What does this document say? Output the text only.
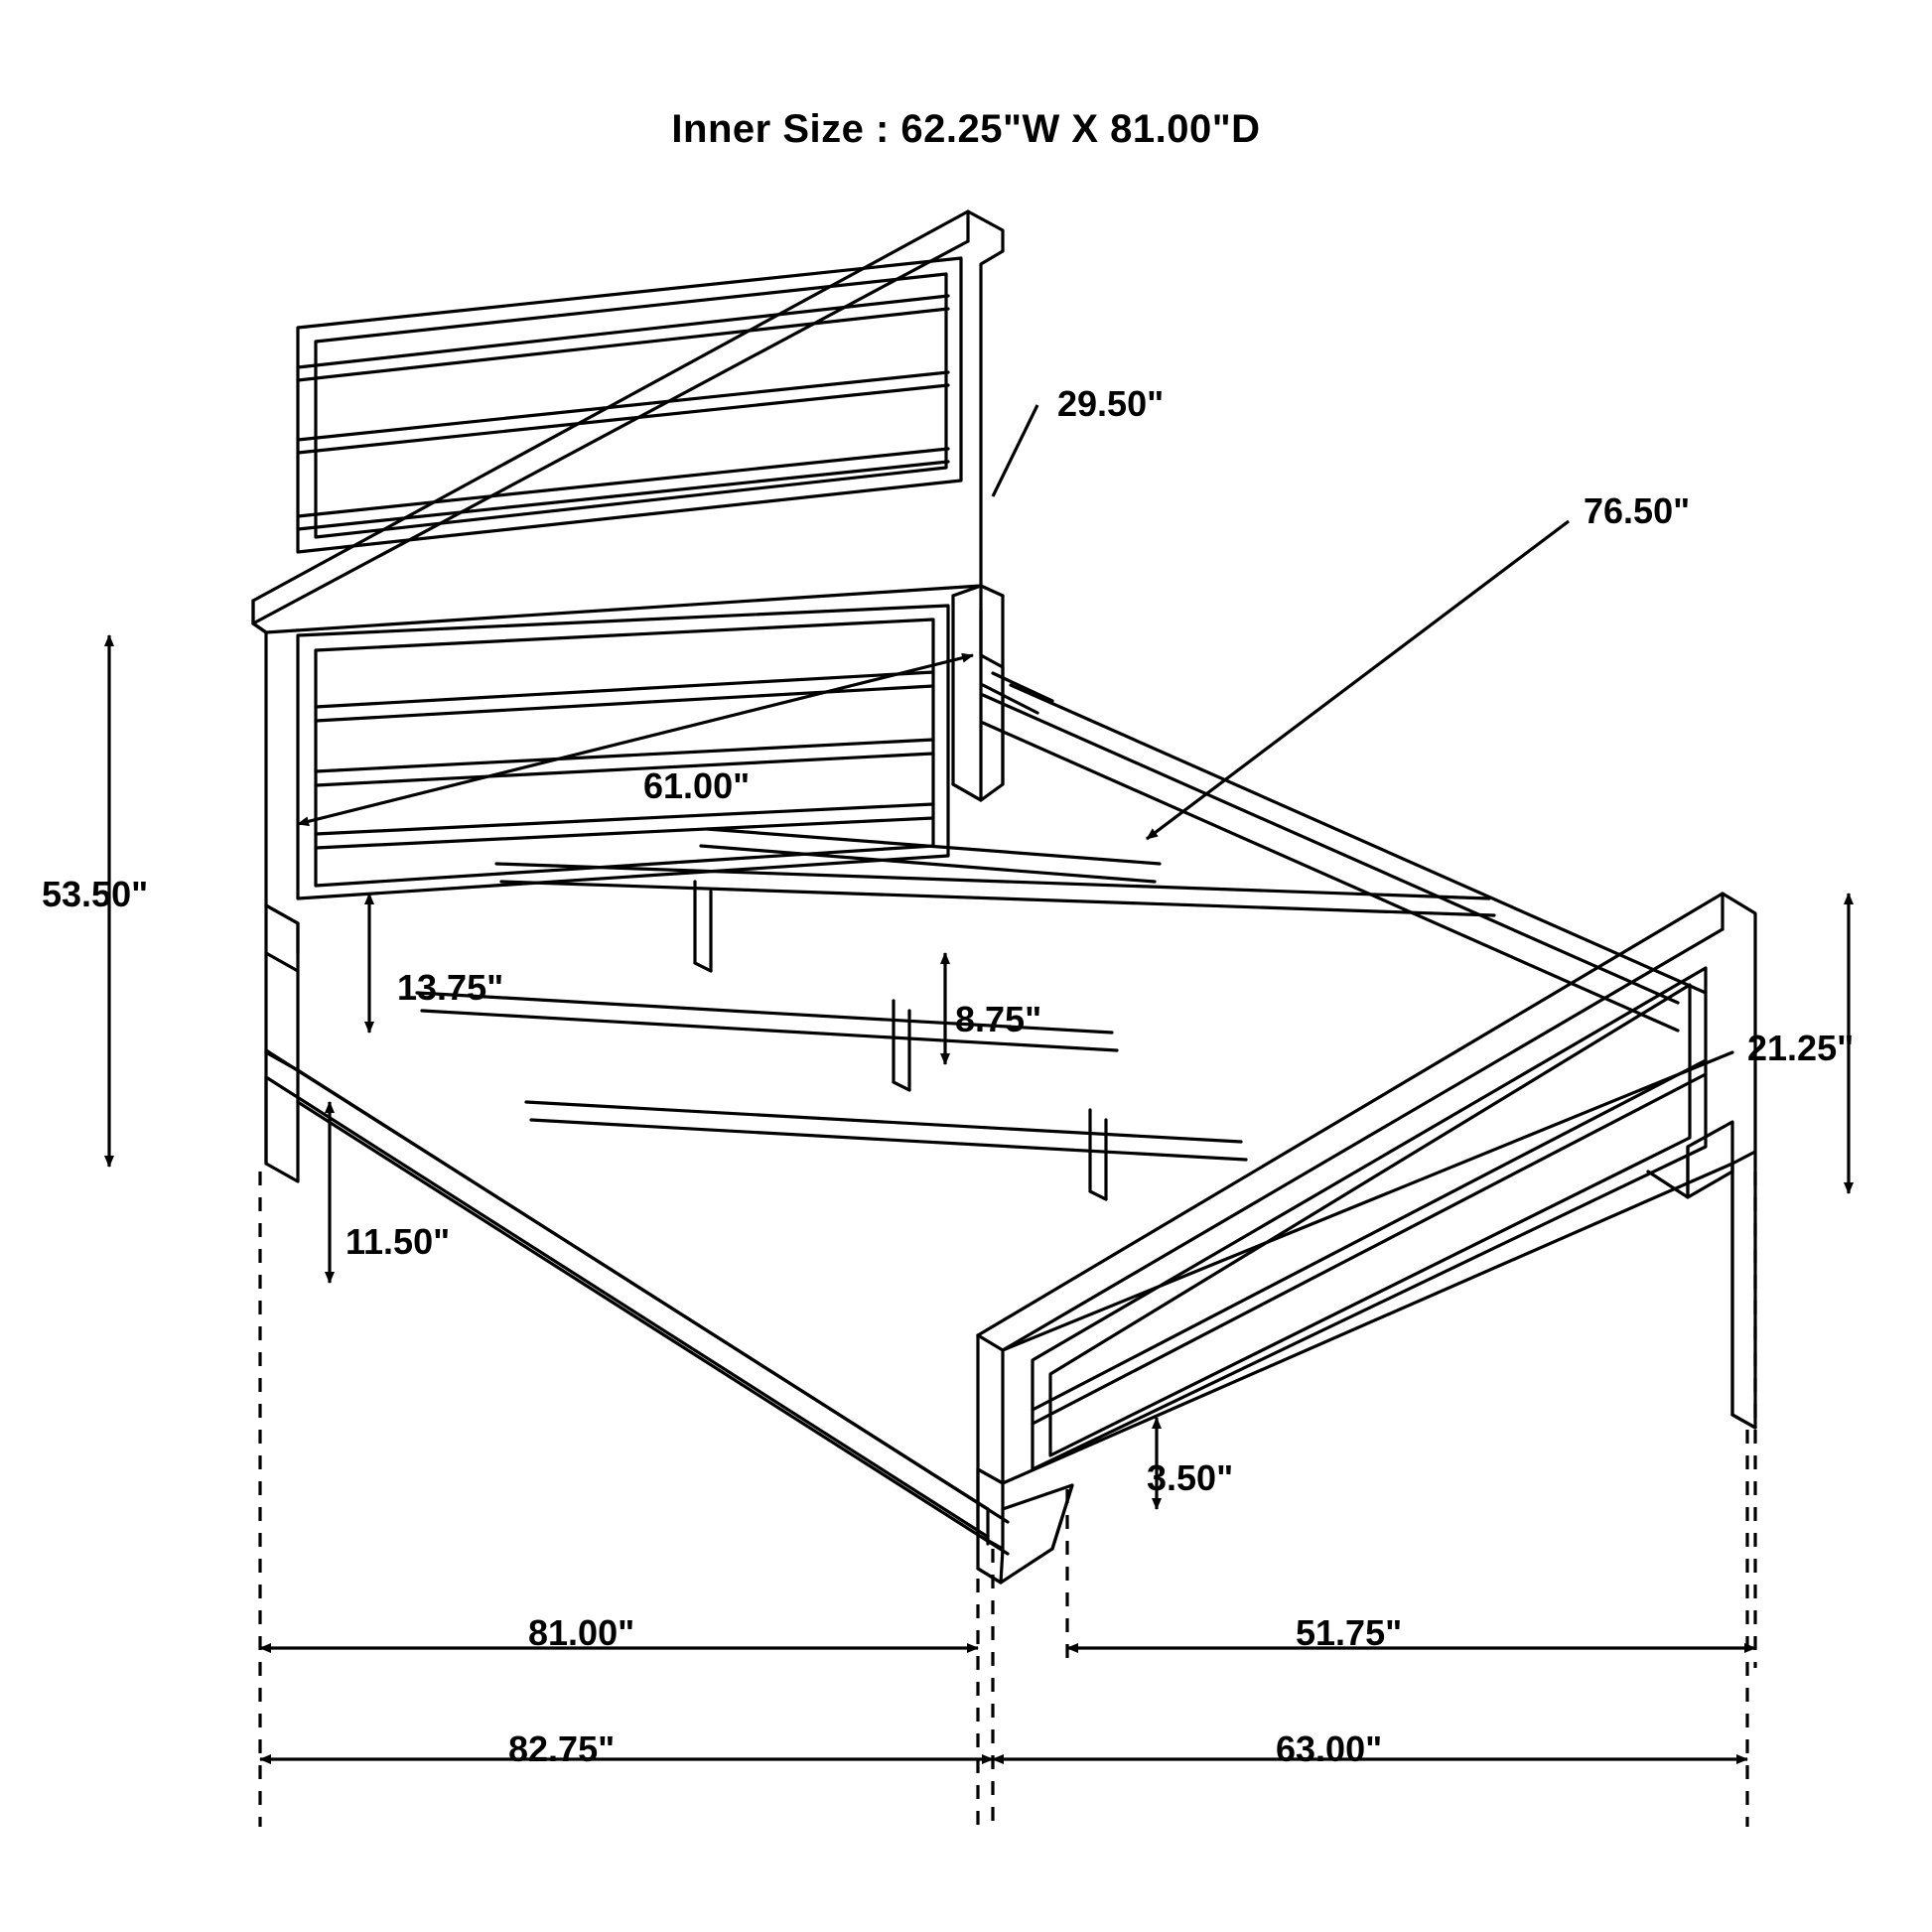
Inner Size : 62.25"W X 81.00"D
29.50"
76.50"
53.50"
61.00"
13.75"
8.75"
21.25"
11.50"
3.50"
81.00"	51.75"
82.75"	63.00"
